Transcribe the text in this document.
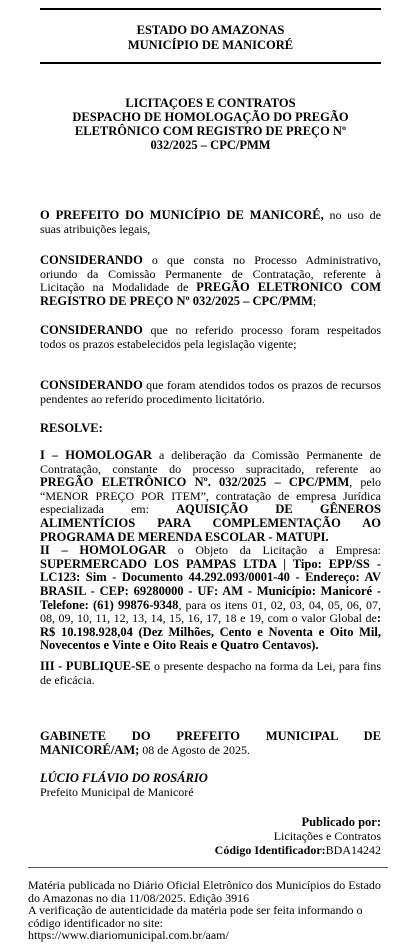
ESTADO DO AMAZONAS
MUNICÍPIO DE MANICORÉ
LICITAÇOES E CONTRATOS
DESPACHO DE HOMOLOGAÇÃO DO PREGÃO
ELETRÔNICO COM REGISTRO DE PREÇO Nº
032/2025 – CPC/PMM
O PREFEITO DO MUNICÍPIO DE MANICORÉ, no uso de suas atribuições legais,
CONSIDERANDO o que consta no Processo Administrativo, oriundo da Comissão Permanente de Contratação, referente à Licitação na Modalidade de PREGÃO ELETRONICO COM REGISTRO DE PREÇO Nº 032/2025 – CPC/PMM;
CONSIDERANDO que no referido processo foram respeitados todos os prazos estabelecidos pela legislação vigente;
CONSIDERANDO que foram atendidos todos os prazos de recursos pendentes ao referido procedimento licitatório.
RESOLVE:
I – HOMOLOGAR a deliberação da Comissão Permanente de Contratação, constante do processo supracitado, referente ao PREGÃO ELETRÔNICO Nº. 032/2025 – CPC/PMM, pelo “MENOR PREÇO POR ITEM”, contratação de empresa Jurídica especializada em: AQUISIÇÃO DE GÊNEROS ALIMENTÍCIOS PARA COMPLEMENTAÇÃO AO PROGRAMA DE MERENDA ESCOLAR - MATUPI.
II – HOMOLOGAR o Objeto da Licitação a Empresa: SUPERMERCADO LOS PAMPAS LTDA | Tipo: EPP/SS - LC123: Sim - Documento 44.292.093/0001-40 - Endereço: AV BRASIL - CEP: 69280000 - UF: AM - Município: Manicoré - Telefone: (61) 99876-9348, para os itens 01, 02, 03, 04, 05, 06, 07, 08, 09, 10, 11, 12, 13, 14, 15, 16, 17, 18 e 19, com o valor Global de: R$ 10.198.928,04 (Dez Milhões, Cento e Noventa e Oito Mil, Novecentos e Vinte e Oito Reais e Quatro Centavos).
III - PUBLIQUE-SE o presente despacho na forma da Lei, para fins de eficácia.
GABINETE DO PREFEITO MUNICIPAL DE MANICORÉ/AM; 08 de Agosto de 2025.
LÚCIO FLÁVIO DO ROSÁRIO
Prefeito Municipal de Manicoré
Publicado por:
Licitações e Contratos
Código Identificador:BDA14242
Matéria publicada no Diário Oficial Eletrônico dos Municípios do Estado do Amazonas no dia 11/08/2025. Edição 3916
A verificação de autenticidade da matéria pode ser feita informando o código identificador no site:
https://www.diariomunicipal.com.br/aam/
